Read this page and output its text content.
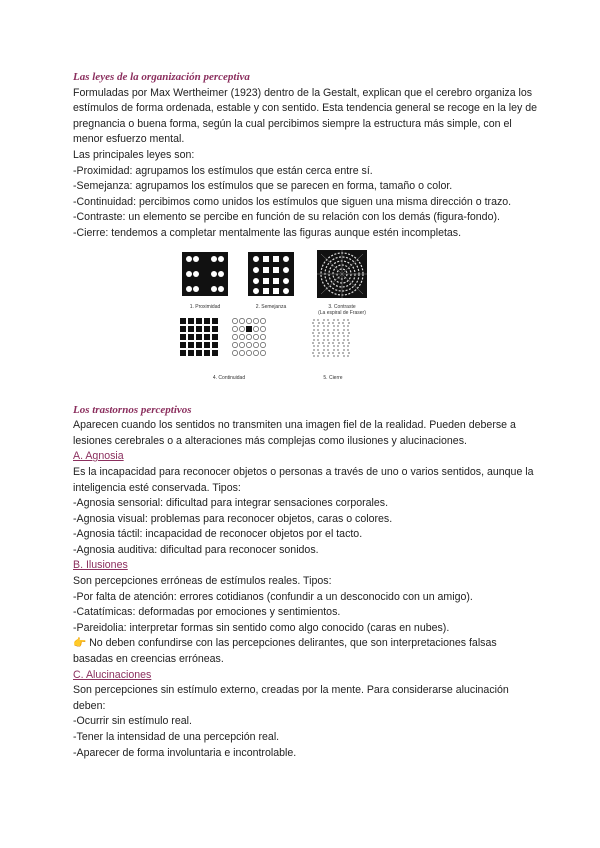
Las leyes de la organización perceptiva
Formuladas por Max Wertheimer (1923) dentro de la Gestalt, explican que el cerebro organiza los
estímulos de forma ordenada, estable y con sentido. Esta tendencia general se recoge en la ley de
pregnancia o buena forma, según la cual percibimos siempre la estructura más simple, con el
menor esfuerzo mental.
Las principales leyes son:
-Proximidad: agrupamos los estímulos que están cerca entre sí.
-Semejanza: agrupamos los estímulos que se parecen en forma, tamaño o color.
-Continuidad: percibimos como unidos los estímulos que siguen una misma dirección o trazo.
-Contraste: un elemento se percibe en función de su relación con los demás (figura-fondo).
-Cierre: tendemos a completar mentalmente las figuras aunque estén incompletas.
1. Proximidad	2. Semejanza	3. Contraste
(La espiral de Fraser)
4. Continuidad	5. Cierre
Los trastornos perceptivos
Aparecen cuando los sentidos no transmiten una imagen fiel de la realidad. Pueden deberse a
lesiones cerebrales o a alteraciones más complejas como ilusiones y alucinaciones.
A. Agnosia
Es la incapacidad para reconocer objetos o personas a través de uno o varios sentidos, aunque la
inteligencia esté conservada. Tipos:
-Agnosia sensorial: dificultad para integrar sensaciones corporales.
-Agnosia visual: problemas para reconocer objetos, caras o colores.
-Agnosia táctil: incapacidad de reconocer objetos por el tacto.
-Agnosia auditiva: dificultad para reconocer sonidos.
B. Ilusiones
Son percepciones erróneas de estímulos reales. Tipos:
-Por falta de atención: errores cotidianos (confundir a un desconocido con un amigo).
-Catatímicas: deformadas por emociones y sentimientos.
-Pareidolia: interpretar formas sin sentido como algo conocido (caras en nubes).
👉 No deben confundirse con las percepciones delirantes, que son interpretaciones falsas
basadas en creencias erróneas.
C. Alucinaciones
Son percepciones sin estímulo externo, creadas por la mente. Para considerarse alucinación
deben:
-Ocurrir sin estímulo real.
-Tener la intensidad de una percepción real.
-Aparecer de forma involuntaria e incontrolable.
